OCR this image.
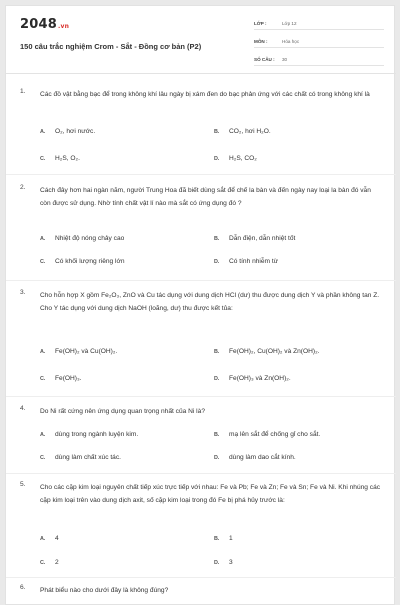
2048.vn
150 câu trắc nghiệm Crom - Sắt - Đồng cơ bản (P2)
LỚP :	Lớp 12
MÔN :	Hóa học
SỐ CÂU :	30
1. Các đồ vật bằng bạc để trong không khí lâu ngày bị xám đen do bạc phản ứng với các chất có trong không khí là
A. O₂, hơi nước.	B. CO₂, hơi H₂O.
C. H₂S, O₂.	D. H₂S, CO₂
2. Cách đây hơn hai ngàn năm, người Trung Hoa đã biết dùng sắt để chế la bàn và đến ngày nay loại la bàn đó vẫn còn được sử dụng. Nhờ tính chất vật lí nào mà sắt có ứng dụng đó ?
A. Nhiệt độ nóng chảy cao	B. Dẫn điện, dẫn nhiệt tốt
C. Có khối lượng riêng lớn	D. Có tính nhiễm từ
3. Cho hỗn hợp X gồm Fe₂O₃, ZnO và Cu tác dụng với dung dịch HCl (dư) thu được dung dịch Y và phần không tan Z. Cho Y tác dụng với dung dịch NaOH (loãng, dư) thu được kết tủa:
A. Fe(OH)₂ và Cu(OH)₂.	B. Fe(OH)₂, Cu(OH)₂ và Zn(OH)₂.
C. Fe(OH)₃.	D. Fe(OH)₃ và Zn(OH)₂.
4. Do Ni rất cứng nên ứng dụng quan trọng nhất của Ni là?
A. dùng trong ngành luyện kim.	B. mạ lên sắt để chống gỉ cho sắt.
C. dùng làm chất xúc tác.	D. dùng làm dao cắt kính.
5. Cho các cặp kim loại nguyên chất tiếp xúc trực tiếp với nhau: Fe và Pb; Fe và Zn; Fe và Sn; Fe và Ni. Khi nhúng các cặp kim loại trên vào dung dịch axit, số cặp kim loại trong đó Fe bị phá hủy trước là:
A. 4	B. 1
C. 2	D. 3
6. Phát biểu nào cho dưới đây là không đúng?
